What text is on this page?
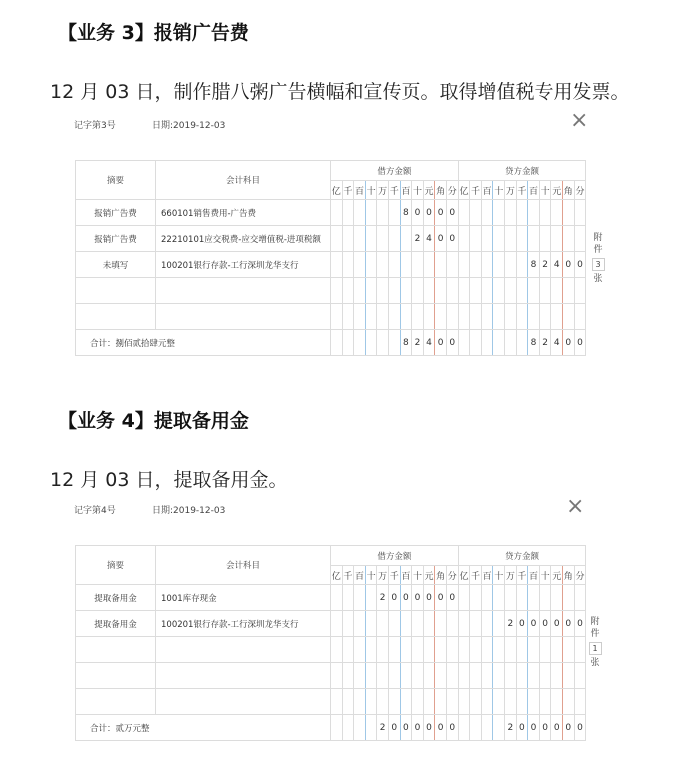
【业务 3】报销广告费
12 月 03 日，制作腊八粥广告横幅和宣传页。取得增值税专用发票。
记字第3号	日期:2019-12-03	×
摘要	会计科目	借方金额											贷方金额										
		亿	千	百	十	万	千	百	十	元	角	分	亿	千	百	十	万	千	百	十	元	角	分
报销广告费	660101销售费用-广告费							8	0	0	0	0											
报销广告费	22210101应交税费-应交增值税-进项税额								2	4	0	0											
未填写	100201银行存款-工行深圳龙华支行																		8	2	4	0	0

合计：捌佰贰拾肆元整								8	2	4	0	0							8	2	4	0	0
附
件
3
张
【业务 4】提取备用金
12 月 03 日，提取备用金。
记字第4号	日期:2019-12-03	×
摘要	会计科目	借方金额											贷方金额										
		亿	千	百	十	万	千	百	十	元	角	分	亿	千	百	十	万	千	百	十	元	角	分
提取备用金	1001库存现金					2	0	0	0	0	0	0											
提取备用金	100201银行存款-工行深圳龙华支行																2	0	0	0	0	0	0

合计：贰万元整						2	0	0	0	0	0	0					2	0	0	0	0	0	0
附
件
1
张
